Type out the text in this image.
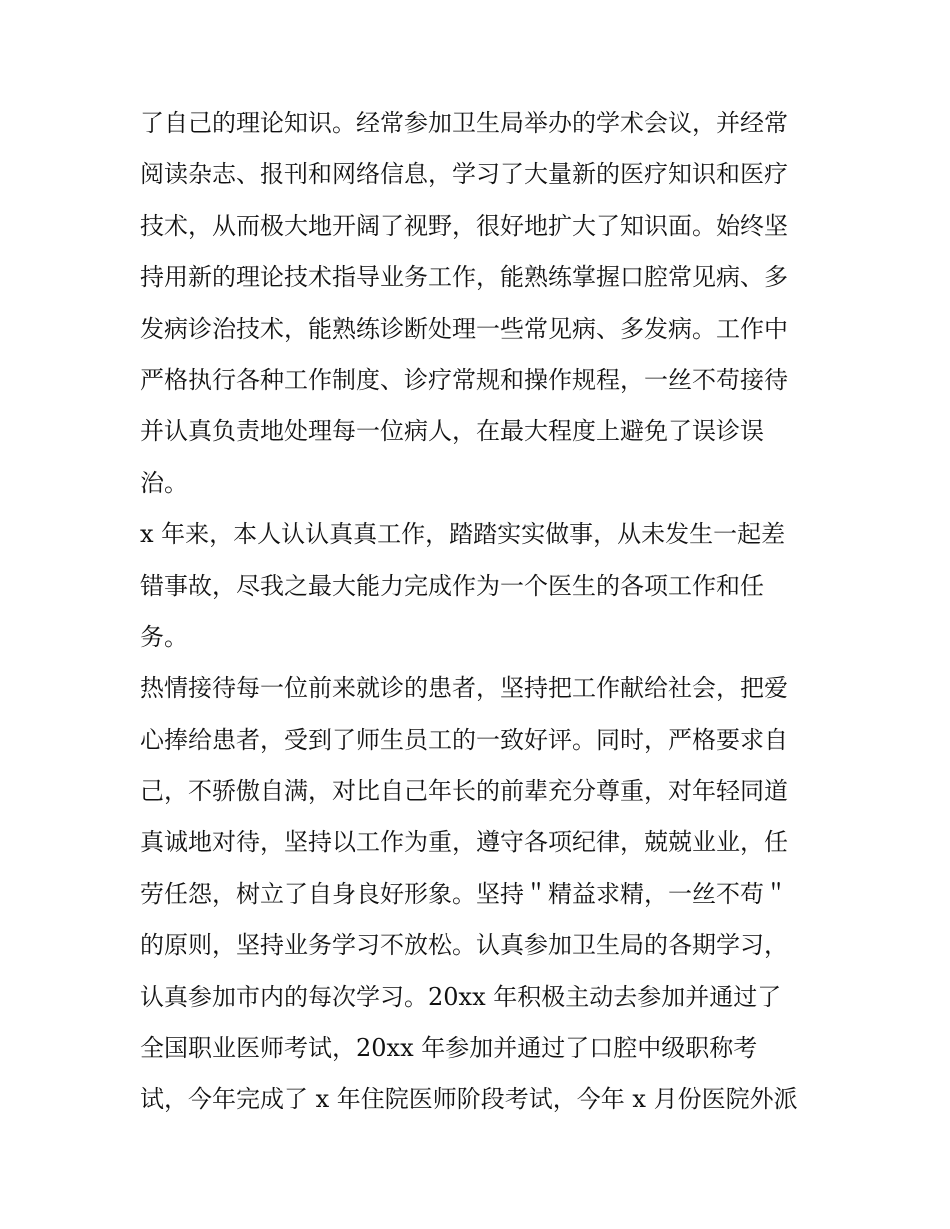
了自己的理论知识。经常参加卫生局举办的学术会议，并经常
阅读杂志、报刊和网络信息，学习了大量新的医疗知识和医疗
技术，从而极大地开阔了视野，很好地扩大了知识面。始终坚
持用新的理论技术指导业务工作，能熟练掌握口腔常见病、多
发病诊治技术，能熟练诊断处理一些常见病、多发病。工作中
严格执行各种工作制度、诊疗常规和操作规程，一丝不苟接待
并认真负责地处理每一位病人，在最大程度上避免了误诊误
治。
x 年来，本人认认真真工作，踏踏实实做事，从未发生一起差
错事故，尽我之最大能力完成作为一个医生的各项工作和任
务。
热情接待每一位前来就诊的患者，坚持把工作献给社会，把爱
心捧给患者，受到了师生员工的一致好评。同时，严格要求自
己，不骄傲自满，对比自己年长的前辈充分尊重，对年轻同道
真诚地对待，坚持以工作为重，遵守各项纪律，兢兢业业，任
劳任怨，树立了自身良好形象。坚持＂精益求精，一丝不苟＂
的原则，坚持业务学习不放松。认真参加卫生局的各期学习，
认真参加市内的每次学习。20xx 年积极主动去参加并通过了
全国职业医师考试，20xx 年参加并通过了口腔中级职称考
试，今年完成了 x 年住院医师阶段考试，今年 x 月份医院外派
